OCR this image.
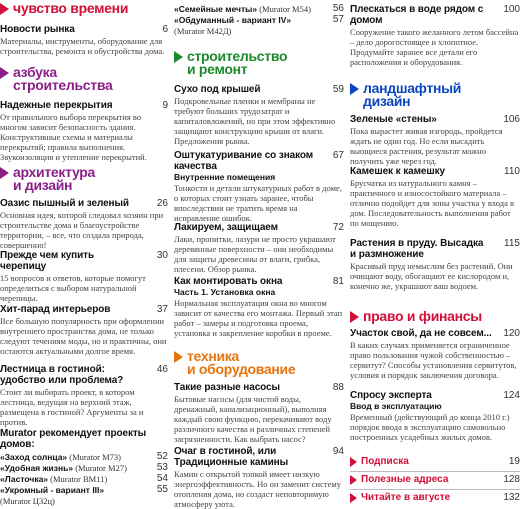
чувство времени
Новости рынка	6
Материалы, инструменты, оборудование для строительства, ремонта и обустройства дома.
азбука
строительства
Надежные перекрытия	9
От правильного выбора перекрытия во многом зависит безопасность здания. Конструктивные схемы и материалы перекрытий; правила выполнения. Звукоизоляция и утепление перекрытий.
архитектура
и дизайн
Оазис пышный и зеленый	26
Основная идея, которой следовал хозяин при строительстве дома и благоустройстве территории, – все, что создала природа, совершенно!
Прежде чем купить черепицу
30
15 вопросов и ответов, которые помогут определиться с выбором натуральной черепицы.
Хит-парад интерьеров	37
Все большую популярность при оформлении внутреннего пространства дома, не только следуют течениям моды, но и практичны, они остаются актуальными долгое время.
Лестница в гостиной: удобство или проблема?
46
Стоит ли выбирать проект, в котором лестница, ведущая на верхний этаж, размещена в гостиной? Аргументы за и против.
Murator рекомендует проекты домов:
«Заход солнца» (Murator M73)	52
«Удобная жизнь» (Murator M27)	53
«Ласточка» (Murator BM11)	54
«Укромный - вариант III»	55
(Murator Ц32ц)
«Семейные мечты» (Murator M54) 56
«Обдуманный - вариант IV»	57
(Murator M42Д)
строительство
и ремонт
Сухо под крышей	59
Подкровельные пленки и мембраны не требуют больших трудозатрат и капиталовложений, но при этом эффективно защищают конструкцию крыши от влаги. Предложения рынка.
Оштукатуривание со знаком качества
67
Внутренние помещения
Тонкости и детали штукатурных работ в доме, о которых стоит узнать заранее, чтобы впоследствии не тратить время на исправление ошибок.
Лакируем, защищаем	72
Лаки, пропитки, лазури не просто украшают деревянные поверхности – они необходимы для защиты древесины от влаги, грибка, плесени. Обзор рынка.
Как монтировать окна	81
Часть 1. Установка окна
Нормальная эксплуатация окна во многом зависит от качества его монтажа. Первый этап работ – замеры и подготовка проема, установка и закрепление коробки в проеме.
техника
и оборудование
Такие разные насосы	88
Бытовые насосы (для чистой воды, дренажный, канализационный), выполняя каждый свою функцию, перекачивают воду различного качества и различных степеней загрязненности. Как выбрать насос?
Очаг в гостиной, или Традиционные камины
94
Камин с открытой топкой имеет низкую энергоэффективность. Но он заменит систему отопления дома, но создаст неповторимую атмосферу уюта.
Плескаться в воде рядом с домом
100
Сооружение такого желанного летом бассейна – дело дорогостоящее и хлопотное. Продумайте заранее все детали его расположения и оборудования.
ландшафтный
дизайн
Зеленые «стены»	106
Пока вырастет живая изгородь, пройдется ждать не один год. Но если высадить вьющиеся растения, результат можно получить уже через год.
Камешек к камешку	110
Брусчатка из натурального камня – практичного и износостойкого материала – отлично подойдет для зоны участка у входа в дом. Последовательность выполнения работ по мощению.
Растения в пруду. Высадка и размножение
115
Красивый пруд немыслим без растений. Они очищают воду, обогащают ее кислородом и, конечно же, украшают ваш водоем.
право и финансы
Участок свой, да не совсем...	120
В каких случаях применяется ограниченное право пользования чужой собственностью – сервитут? Способы установления сервитутов, условия и порядок заключения договора.
Спросу эксперта	124
Ввод в эксплуатацию
Временный (действующий до конца 2010 г.) порядок ввода в эксплуатацию самовольно построенных усадебных жилых домов.
Подписка	19
Полезные адреса	128
Читайте в августе	132
